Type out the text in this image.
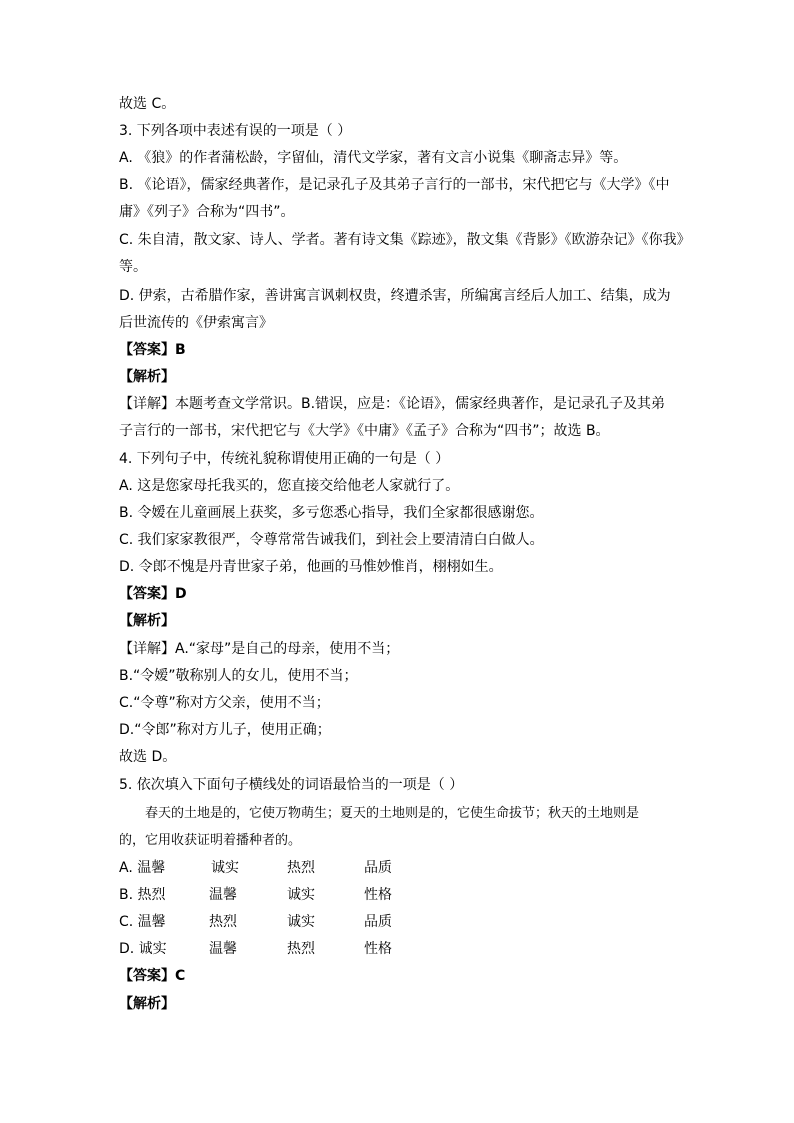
故选 C。
3. 下列各项中表述有误的一项是（ ）
A. 《狼》的作者蒲松龄，字留仙，清代文学家，著有文言小说集《聊斋志异》等。
B. 《论语》，儒家经典著作，是记录孔子及其弟子言行的一部书，宋代把它与《大学》《中
庸》《列子》合称为“四书”。
C. 朱自清，散文家、诗人、学者。著有诗文集《踪迹》，散文集《背影》《欧游杂记》《你我》
等。
D. 伊索，古希腊作家，善讲寓言讽刺权贵，终遭杀害，所编寓言经后人加工、结集，成为
后世流传的《伊索寓言》
【答案】B
【解析】
【详解】本题考查文学常识。B.错误，应是：《论语》，儒家经典著作，是记录孔子及其弟
子言行的一部书，宋代把它与《大学》《中庸》《孟子》合称为“四书”；故选 B。
4. 下列句子中，传统礼貌称谓使用正确的一句是（ ）
A. 这是您家母托我买的，您直接交给他老人家就行了。
B. 令嫒在儿童画展上获奖，多亏您悉心指导，我们全家都很感谢您。
C. 我们家家教很严，令尊常常告诫我们，到社会上要清清白白做人。
D. 令郎不愧是丹青世家子弟，他画的马惟妙惟肖，栩栩如生。
【答案】D
【解析】
【详解】A.“家母”是自己的母亲，使用不当；
B.“令嫒”敬称别人的女儿，使用不当；
C.“令尊”称对方父亲，使用不当；
D.“令郎”称对方儿子，使用正确；
故选 D。
5. 依次填入下面句子横线处的词语最恰当的一项是（ ）
春天的土地是的，它使万物萌生；夏天的土地则是的，它使生命拔节；秋天的土地则是
的，它用收获证明着播种者的。
A. 温馨	诚实	热烈	品质
B. 热烈	温馨	诚实	性格
C. 温馨	热烈	诚实	品质
D. 诚实	温馨	热烈	性格
【答案】C
【解析】
